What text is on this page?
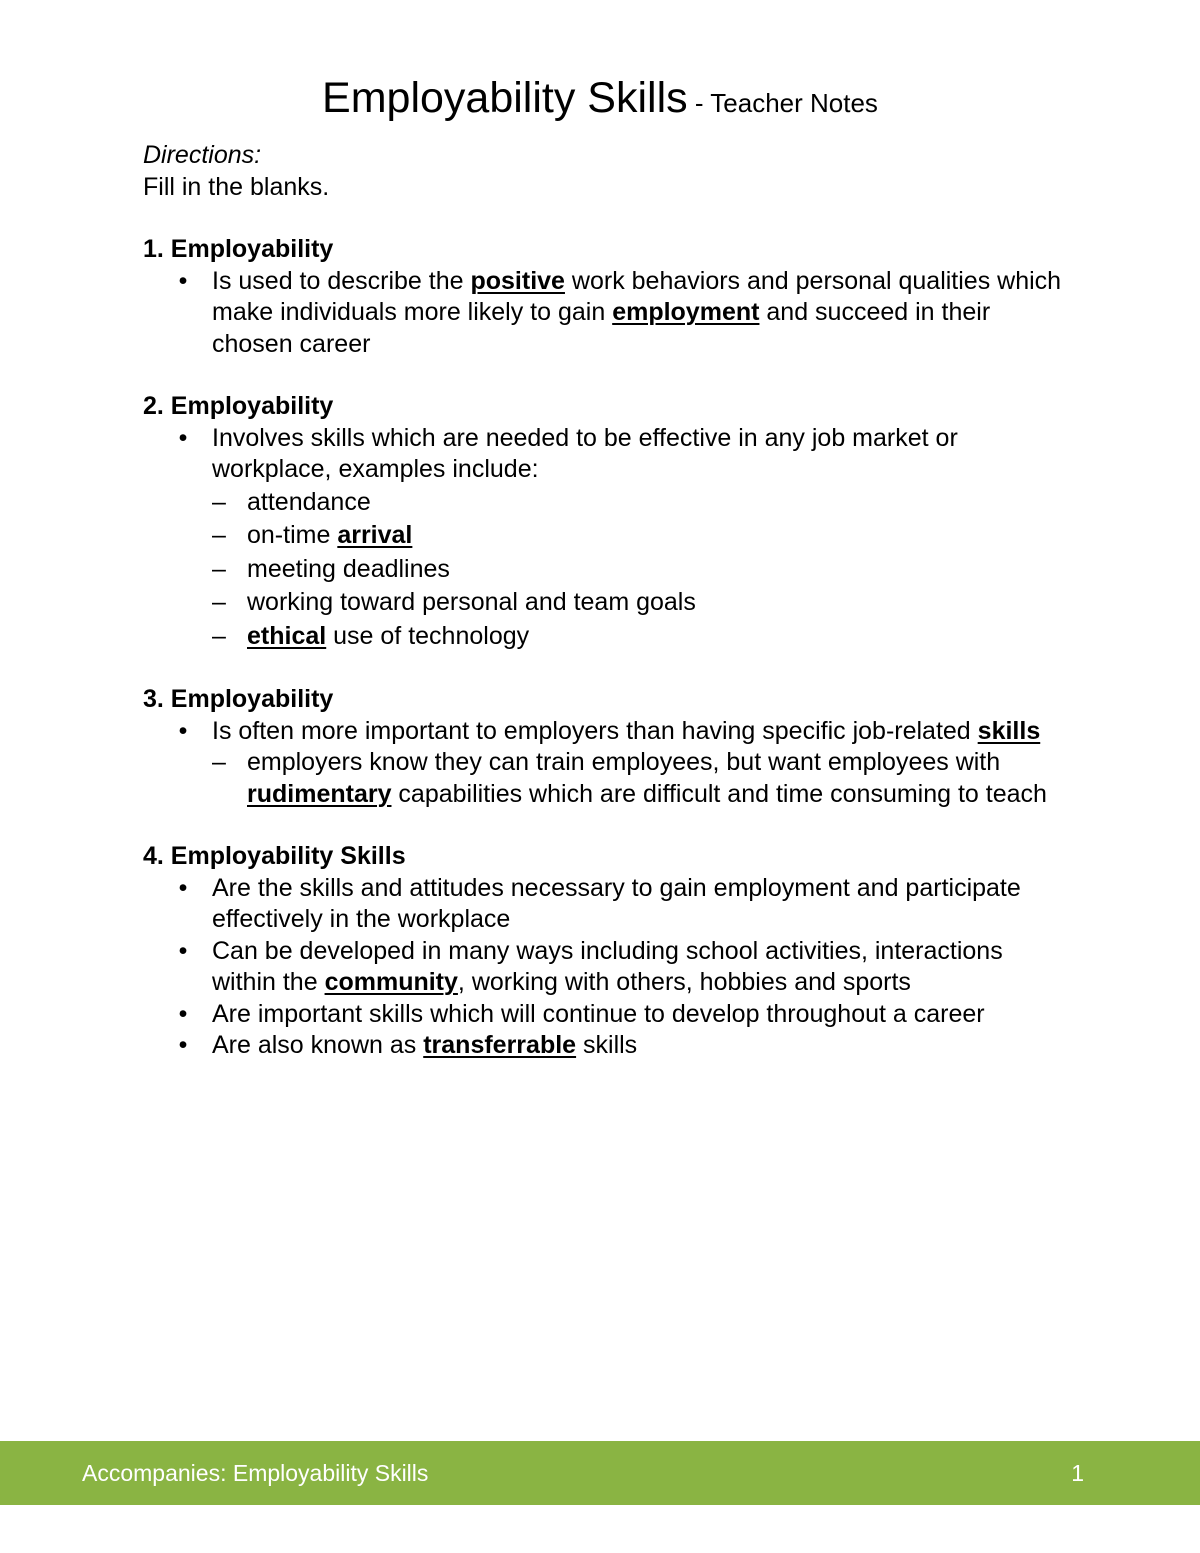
Employability Skills - Teacher Notes
Directions:
Fill in the blanks.
1. Employability
• Is used to describe the positive work behaviors and personal qualities which make individuals more likely to gain employment and succeed in their chosen career
2. Employability
• Involves skills which are needed to be effective in any job market or workplace, examples include:
– attendance
– on-time arrival
– meeting deadlines
– working toward personal and team goals
– ethical use of technology
3. Employability
• Is often more important to employers than having specific job-related skills
– employers know they can train employees, but want employees with rudimentary capabilities which are difficult and time consuming to teach
4. Employability Skills
• Are the skills and attitudes necessary to gain employment and participate effectively in the workplace
• Can be developed in many ways including school activities, interactions within the community, working with others, hobbies and sports
• Are important skills which will continue to develop throughout a career
• Are also known as transferrable skills
Accompanies: Employability Skills	1
